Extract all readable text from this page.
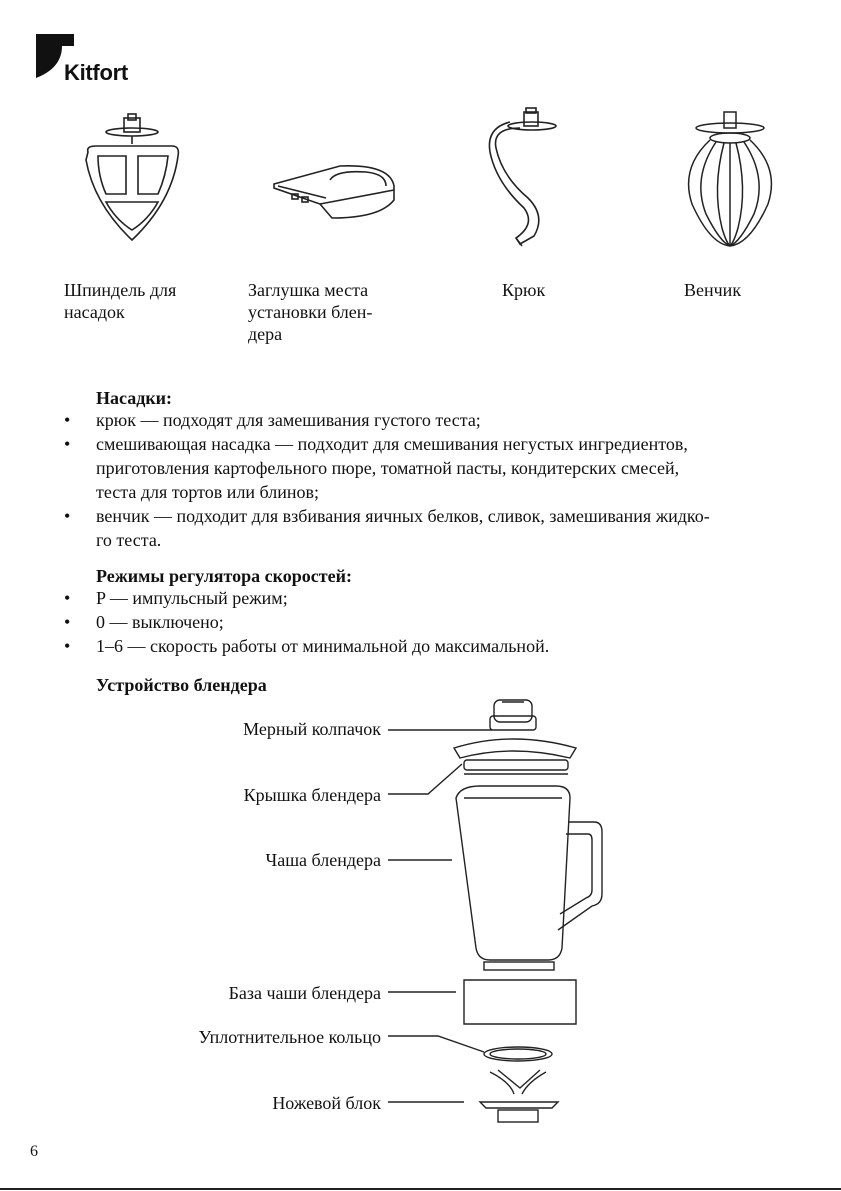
Kitfort
Шпиндель для
насадок
Заглушка места
установки блен-
дера
Крюк	Венчик
Насадки:
• крюк — подходят для замешивания густого теста;
• смешивающая насадка — подходит для смешивания негустых ингредиентов,
приготовления картофельного пюре, томатной пасты, кондитерских смесей,
теста для тортов или блинов;
• венчик — подходит для взбивания яичных белков, сливок, замешивания жидко-
го теста.
Режимы регулятора скоростей:
• P — импульсный режим;
• 0 — выключено;
• 1–6 — скорость работы от минимальной до максимальной.
Устройство блендера
Мерный колпачок
Крышка блендера
Чаша блендера
База чаши блендера
Уплотнительное кольцо
Ножевой блок
6
